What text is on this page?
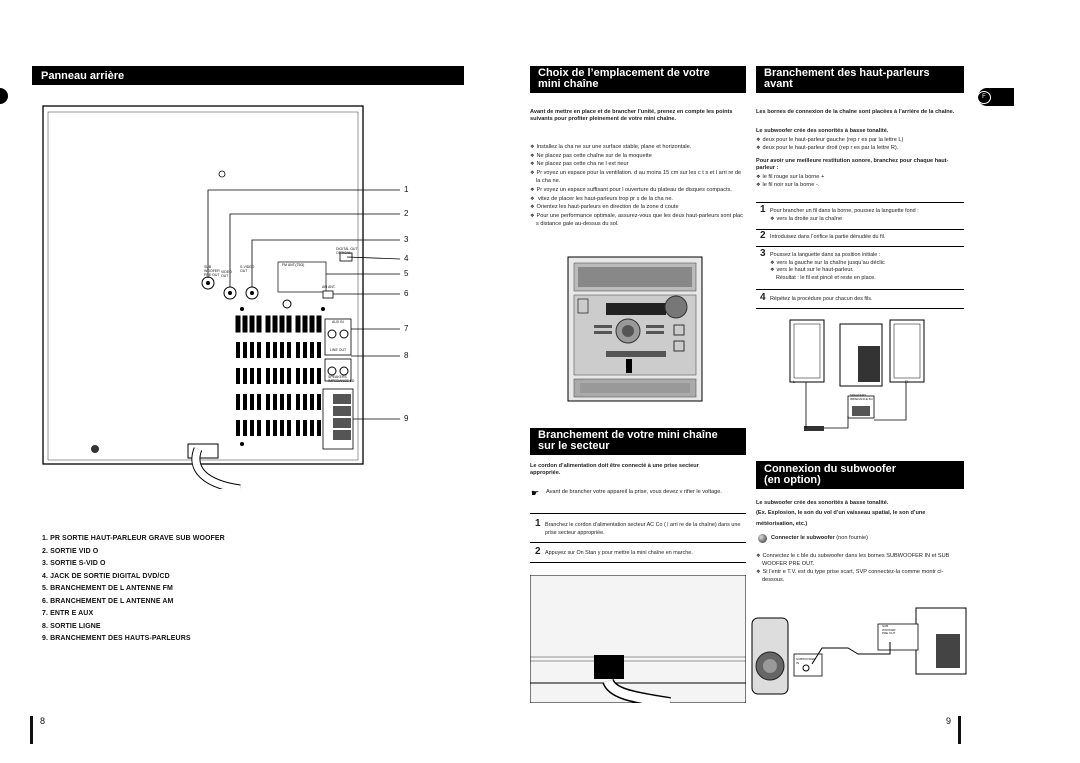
F
Panneau arrière
1
2
3
4
5
6
7
8
9
SUB
WOOFER
PRE OUT
VIDEO
OUT
S-VIDEO
OUT
FM ANT.(75Ω)
AM ANT.
DIGITAL OUT
OPTICAL
AUX IN
LINE OUT
SPEAKERS
IMPEDANCE 6Ω
1. PR SORTIE HAUT-PARLEUR GRAVE SUB WOOFER
2. SORTIE VID O
3. SORTIE S-VID O
4. JACK DE SORTIE DIGITAL DVD/CD
5. BRANCHEMENT DE L ANTENNE FM
6. BRANCHEMENT DE L ANTENNE AM
7. ENTR E AUX
8. SORTIE LIGNE
9. BRANCHEMENT DES HAUTS-PARLEURS
8
Choix de l’emplacement de votre
mini chaîne
Avant de mettre en place et de brancher l’unité, prenez en compte les points suivants pour profiter pleinement de votre mini chaîne.
❖ Installez la cha ne sur une surface stable, plane et horizontale.
❖ Ne placez pas cette chaîne sur de la moquette
❖ Ne placez pas cette cha ne l ext rieur
❖ Pr voyez un espace pour la ventilation. d au moins 15 cm sur les c t s et l arri re de la cha ne.
❖ Pr voyez un espace suffisant pour l ouverture du plateau de disques compacts.
❖ vitez de placer les haut-parleurs trop pr s de la cha ne.
❖ Orientez les haut-parleurs en direction de la zone d coute
❖ Pour une performance optimale, assurez-vous que les deux haut-parleurs sont plac s distance gale au-dessus du sol.
Branchement de votre mini chaîne
sur le secteur
Le cordon d’alimentation doit être connecté à une prise secteur appropriée.
☛ Avant de brancher votre appareil la prise, vous devez v rifier le voltage.
1 Branchez le cordon d’alimentation secteur AC Co ( l arri re de la chaîne) dans une prise secteur appropriée.
2 Appuyez sur On Stan y pour mettre la mini chaîne en marche.
Branchement des haut-parleurs
avant
Les bornes de connexion de la chaîne sont placées à l’arrière de la chaîne.
Le subwoofer crée des sonorités à basse tonalité.
❖ deux pour le haut-parleur gauche (rep r es par la lettre L)
❖ deux pour le haut-parleur droit (rep r es par la lettre R).
Pour avoir une meilleure restitution sonore, branchez pour chaque haut-parleur :
❖ le fil rouge sur la borne +
❖ le fil noir sur la borne -.
1 Pour brancher un fil dans la borne, poussez la languette fond :
❖ vers la droite sur la chaîne
2 Introduisez dans l’orifice la partie dénudée du fil.
3 Poussez la languette dans sa position initiale :
❖ vers la gauche sur la chaîne jusqu’au déclic
❖ vers le haut sur le haut-parleur.
Résultat : le fil est pincé et reste en place.
4 Répétez la procédure pour chacun des fils.
L	R
SPEAKERS
IMPEDANCE 6Ω
Connexion du subwoofer
(en option)
Le subwoofer crée des sonorités à basse tonalité.
(Ex. Explosion, le son du vol d’un vaisseau spatial, le son d’une météorisation, etc.)
Connecter le subwoofer (non fournie)
❖ Connectez le c ble du subwoofer dans les bornes SUBWOOFER IN et SUB WOOFER PRE OUT.
❖ Si l’entr e T.V. est du type prise scart, SVP connectez-la comme montr ci-dessous.
SUB
WOOFER
PRE OUT
SUBWOOFER
IN
9
